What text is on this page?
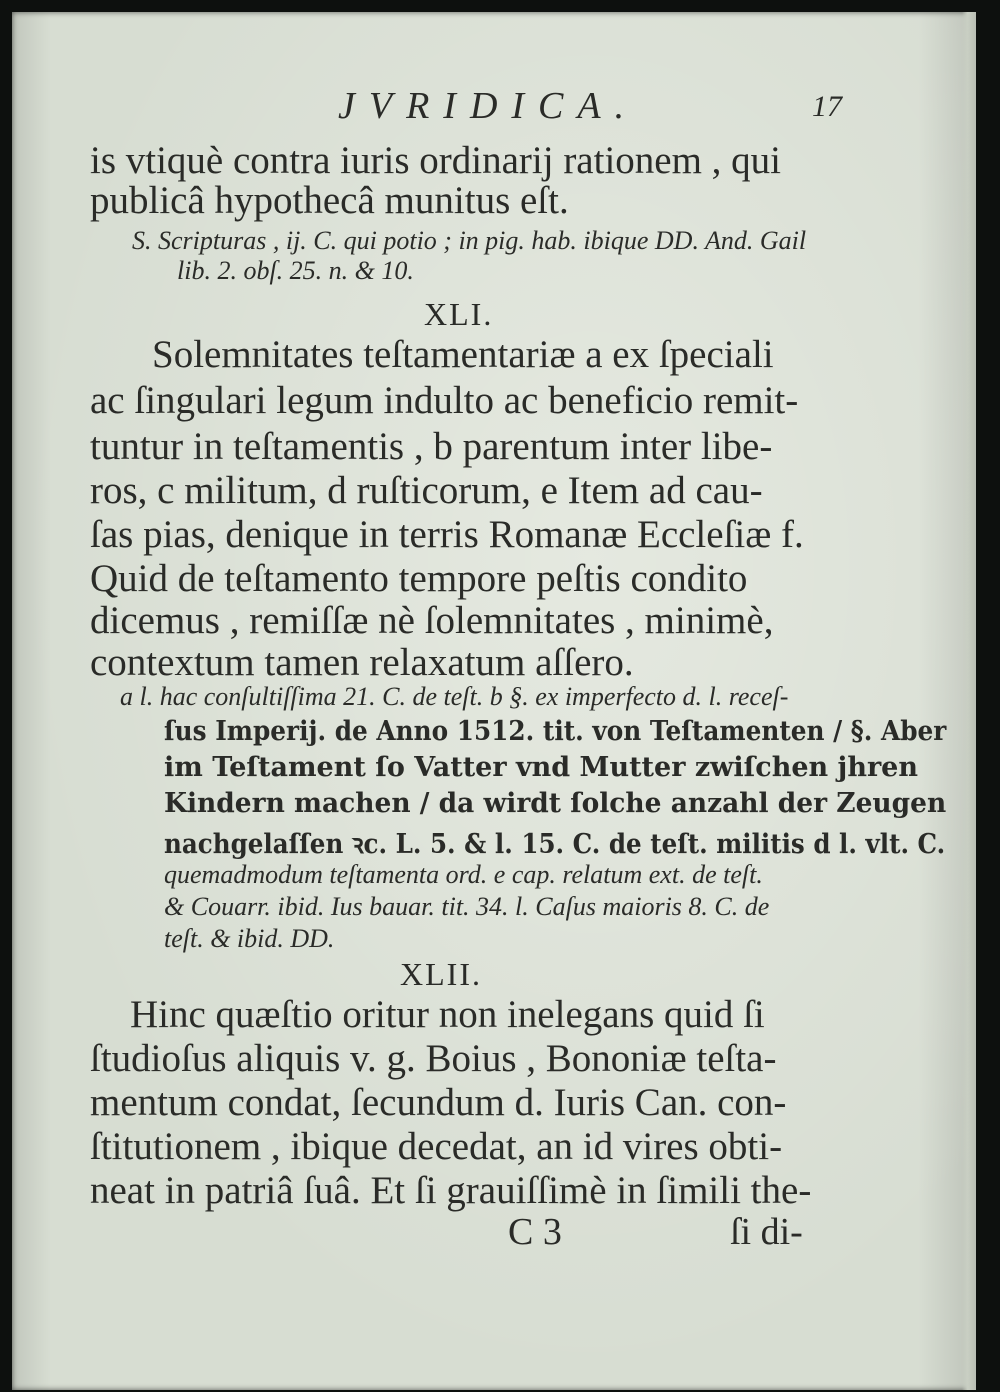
JVRIDICA.	17
is vtiquè contra iuris ordinarij rationem , qui
publicâ hypothecâ munitus eſt.
S. Scripturas , ij. C. qui potio ; in pig. hab. ibique DD. And. Gail
lib. 2. obſ. 25. n. & 10.
XLI.
Solemnitates teſtamentariæ a ex ſpeciali
ac ſingulari legum indulto ac beneficio remit-
tuntur in teſtamentis , b parentum inter libe-
ros, c militum, d ruſticorum, e Item ad cau-
ſas pias, denique in terris Romanæ Eccleſiæ f.
Quid de teſtamento tempore peſtis condito
dicemus , remiſſæ nè ſolemnitates , minimè,
contextum tamen relaxatum aſſero.
a l. hac conſultiſſima 21. C. de teſt. b §. ex imperfecto d. l. receſ-
ſus Imperij. de Anno 1512. tit. von Teſtamenten / §. Aber
im Teſtament ſo Vatter vnd Mutter zwiſchen jhren
Kindern machen / da wirdt ſolche anzahl der Zeugen
nachgelaſſen ꝛc. L. 5. & l. 15. C. de teſt. militis d l. vlt. C.
quemadmodum teſtamenta ord. e cap. relatum ext. de teſt.
& Couarr. ibid. Ius bauar. tit. 34. l. Caſus maioris 8. C. de
teſt. & ibid. DD.
XLII.
Hinc quæſtio oritur non inelegans quid ſi
ſtudioſus aliquis v. g. Boius , Bononiæ teſta-
mentum condat, ſecundum d. Iuris Can. con-
ſtitutionem , ibique decedat, an id vires obti-
neat in patriâ ſuâ. Et ſi grauiſſimè in ſimili the-
C 3	ſi di-
